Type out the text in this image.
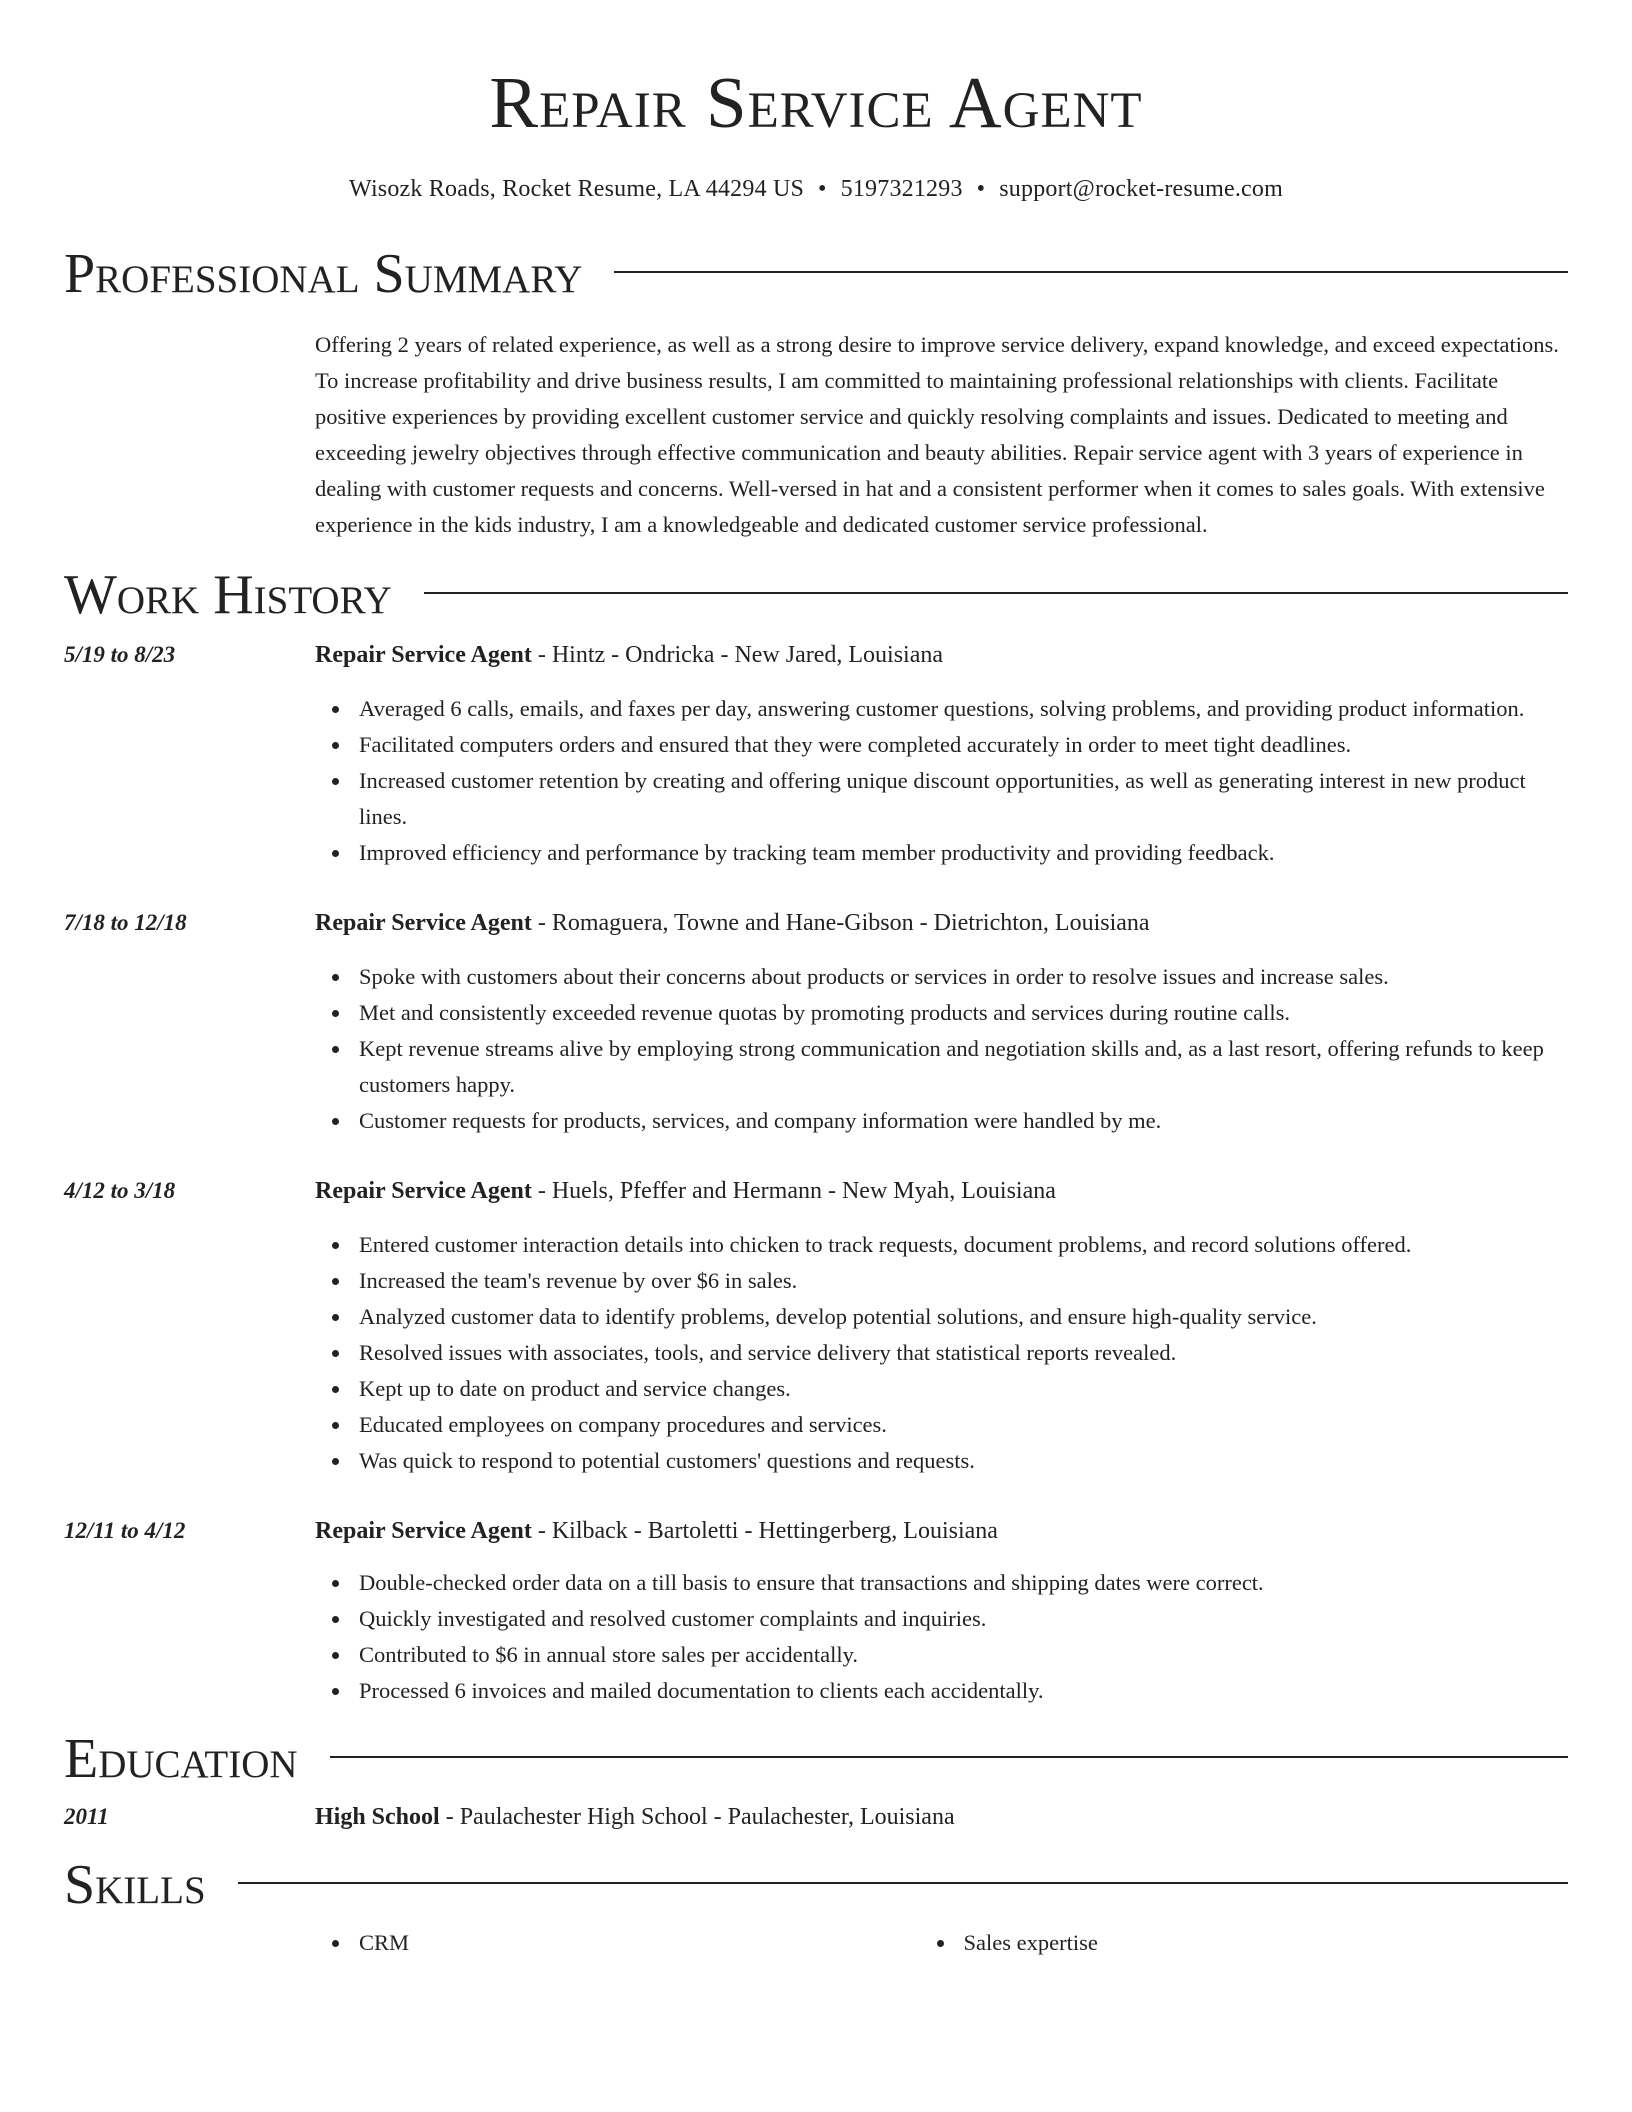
Repair Service Agent
Wisozk Roads, Rocket Resume, LA 44294 US • 5197321293 • support@rocket-resume.com
Professional Summary

Offering 2 years of related experience, as well as a strong desire to improve service delivery, expand knowledge, and exceed expectations. To increase profitability and drive business results, I am committed to maintaining professional relationships with clients. Facilitate positive experiences by providing excellent customer service and quickly resolving complaints and issues. Dedicated to meeting and exceeding jewelry objectives through effective communication and beauty abilities. Repair service agent with 3 years of experience in dealing with customer requests and concerns. Well-versed in hat and a consistent performer when it comes to sales goals. With extensive experience in the kids industry, I am a knowledgeable and dedicated customer service professional.

Work History
5/19 to 8/23	Repair Service Agent - Hintz - Ondricka - New Jared, Louisiana
Averaged 6 calls, emails, and faxes per day, answering customer questions, solving problems, and providing product information.
Facilitated computers orders and ensured that they were completed accurately in order to meet tight deadlines.
Increased customer retention by creating and offering unique discount opportunities, as well as generating interest in new product lines.
Improved efficiency and performance by tracking team member productivity and providing feedback.
7/18 to 12/18	Repair Service Agent - Romaguera, Towne and Hane-Gibson - Dietrichton, Louisiana
Spoke with customers about their concerns about products or services in order to resolve issues and increase sales.
Met and consistently exceeded revenue quotas by promoting products and services during routine calls.
Kept revenue streams alive by employing strong communication and negotiation skills and, as a last resort, offering refunds to keep customers happy.
Customer requests for products, services, and company information were handled by me.
4/12 to 3/18	Repair Service Agent - Huels, Pfeffer and Hermann - New Myah, Louisiana
Entered customer interaction details into chicken to track requests, document problems, and record solutions offered.
Increased the team's revenue by over $6 in sales.
Analyzed customer data to identify problems, develop potential solutions, and ensure high-quality service.
Resolved issues with associates, tools, and service delivery that statistical reports revealed.
Kept up to date on product and service changes.
Educated employees on company procedures and services.
Was quick to respond to potential customers' questions and requests.
12/11 to 4/12	Repair Service Agent - Kilback - Bartoletti - Hettingerberg, Louisiana
Double-checked order data on a till basis to ensure that transactions and shipping dates were correct.
Quickly investigated and resolved customer complaints and inquiries.
Contributed to $6 in annual store sales per accidentally.
Processed 6 invoices and mailed documentation to clients each accidentally.
Education
2011	High School - Paulachester High School - Paulachester, Louisiana
Skills
CRM	Sales expertise
